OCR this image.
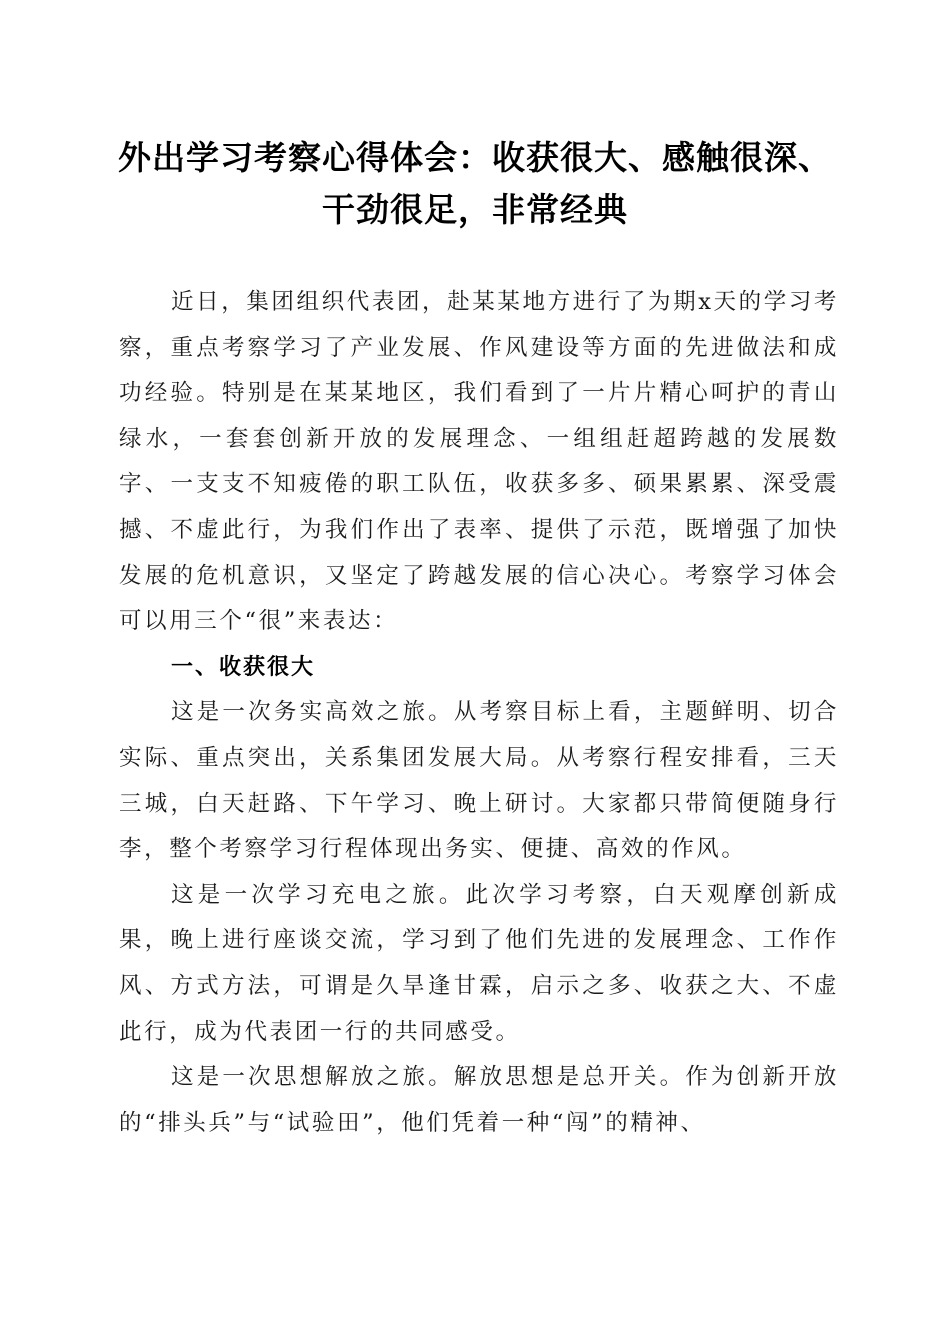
外出学习考察心得体会：收获很大、感触很深、
干劲很足，非常经典

近日，集团组织代表团，赴某某地方进行了为期x天的学习考察，重点考察学习了产业发展、作风建设等方面的先进做法和成功经验。特别是在某某地区，我们看到了一片片精心呵护的青山绿水，一套套创新开放的发展理念、一组组赶超跨越的发展数字、一支支不知疲倦的职工队伍，收获多多、硕果累累、深受震撼、不虚此行，为我们作出了表率、提供了示范，既增强了加快发展的危机意识，又坚定了跨越发展的信心决心。考察学习体会可以用三个“很”来表达：

一、收获很大

这是一次务实高效之旅。从考察目标上看，主题鲜明、切合实际、重点突出，关系集团发展大局。从考察行程安排看，三天三城，白天赶路、下午学习、晚上研讨。大家都只带简便随身行李，整个考察学习行程体现出务实、便捷、高效的作风。

这是一次学习充电之旅。此次学习考察，白天观摩创新成果，晚上进行座谈交流，学习到了他们先进的发展理念、工作作风、方式方法，可谓是久旱逢甘霖，启示之多、收获之大、不虚此行，成为代表团一行的共同感受。

这是一次思想解放之旅。解放思想是总开关。作为创新开放的“排头兵”与“试验田”，他们凭着一种“闯”的精神、
